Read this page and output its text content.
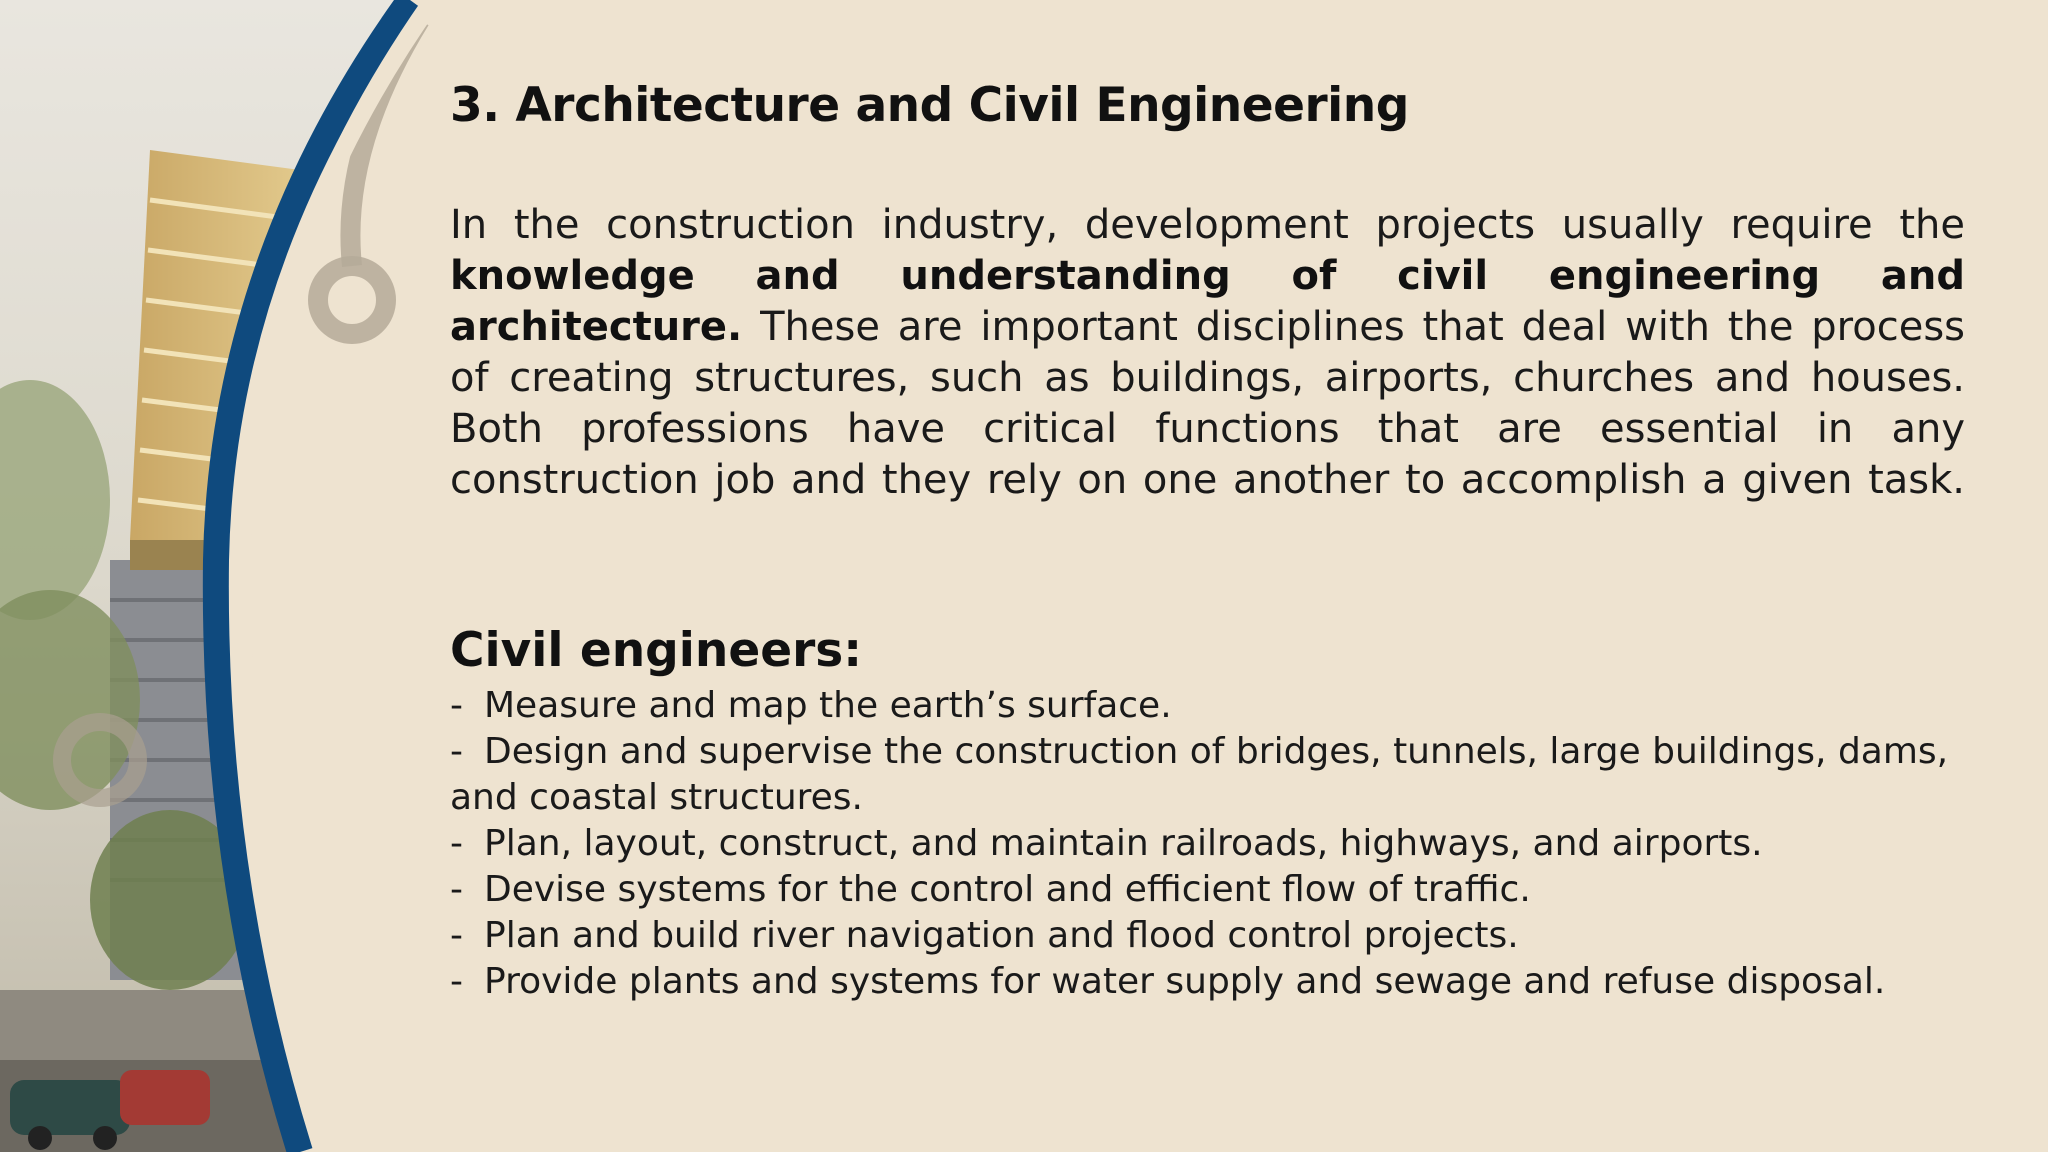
3. Architecture and Civil Engineering

In the construction industry, development projects usually require the knowledge and understanding of civil engineering and architecture. These are important disciplines that deal with the process of creating structures, such as buildings, airports, churches and houses. Both professions have critical functions that are essential in any construction job and they rely on one another to accomplish a given task.

Civil engineers:
- Measure and map the earth’s surface.
- Design and supervise the construction of bridges, tunnels, large buildings, dams, and coastal structures.
- Plan, layout, construct, and maintain railroads, highways, and airports.
- Devise systems for the control and efficient flow of traffic.
- Plan and build river navigation and flood control projects.
- Provide plants and systems for water supply and sewage and refuse disposal.
